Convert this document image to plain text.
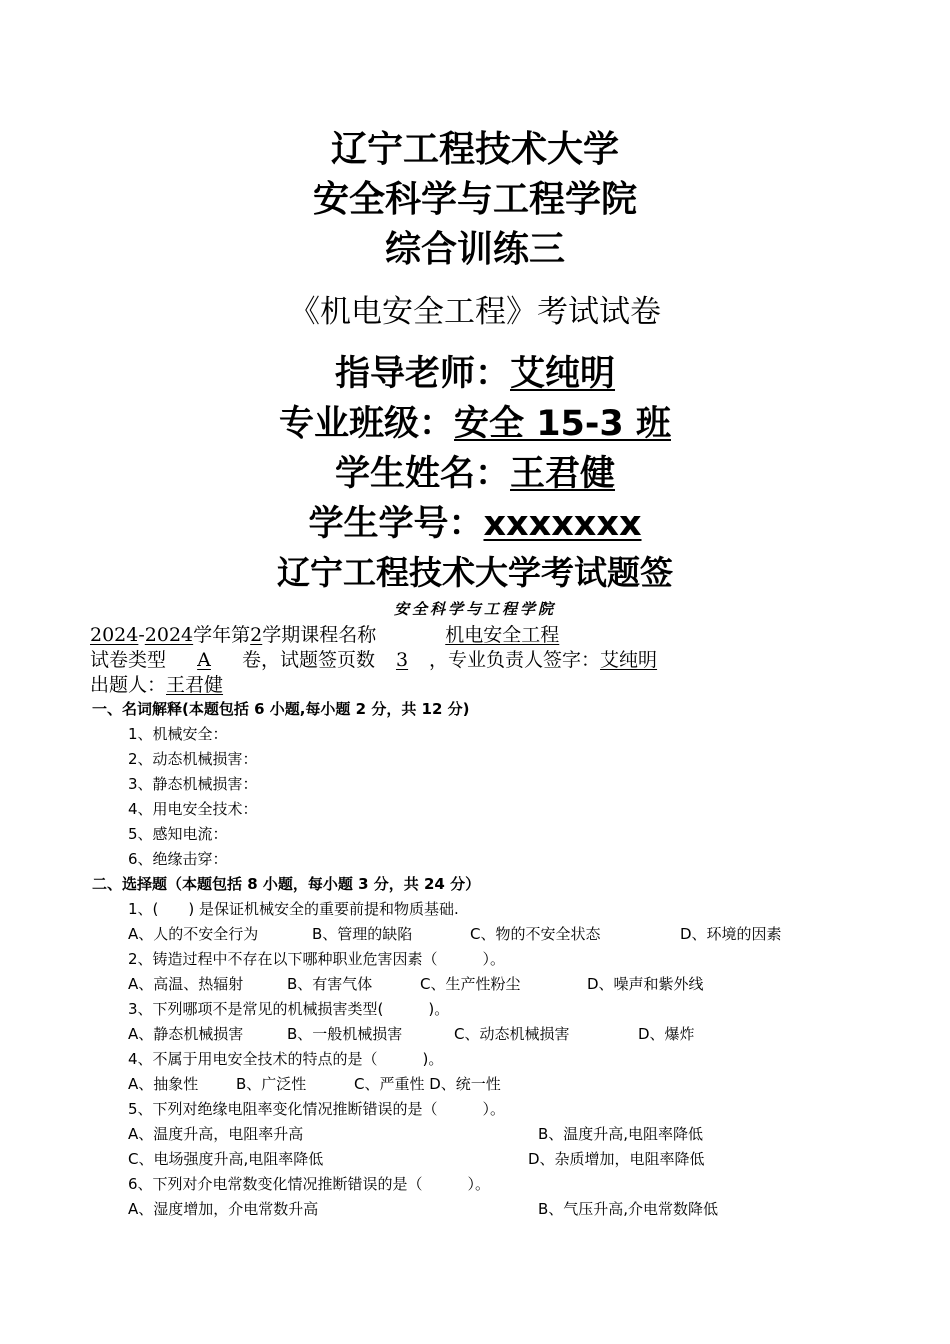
辽宁工程技术大学
安全科学与工程学院
综合训练三
《机电安全工程》考试试卷
指导老师：艾纯明
专业班级：安全 15-3 班
学生姓名：王君健
学生学号：xxxxxxx
辽宁工程技术大学考试题签
安全科学与工程学院
2024-2024学年第2学期课程名称	机电安全工程
试卷类型 A 卷，试题签页数 3 ，专业负责人签字：艾纯明
出题人：王君健
一、名词解释(本题包括 6 小题,每小题 2 分，共 12 分)
1、机械安全：
2、动态机械损害：
3、静态机械损害：
4、用电安全技术：
5、感知电流：
6、绝缘击穿：
二、选择题（本题包括 8 小题，每小题 3 分，共 24 分）
1、(　　) 是保证机械安全的重要前提和物质基础.
A、人的不安全行为	B、管理的缺陷	C、物的不安全状态	D、环境的因素
2、铸造过程中不存在以下哪种职业危害因素（　　　）。
A、高温、热辐射	B、有害气体	C、生产性粉尘	D、噪声和紫外线
3、下列哪项不是常见的机械损害类型(　　　)。
A、静态机械损害	B、一般机械损害	C、动态机械损害	D、爆炸
4、不属于用电安全技术的特点的是（　　　)。
A、抽象性	B、广泛性	C、严重性 D、统一性
5、下列对绝缘电阻率变化情况推断错误的是（　　　）。
A、温度升高，电阻率升高	B、温度升高,电阻率降低
C、电场强度升高,电阻率降低	D、杂质增加，电阻率降低
6、下列对介电常数变化情况推断错误的是（　　　）。
A、湿度增加，介电常数升高	B、气压升高,介电常数降低
